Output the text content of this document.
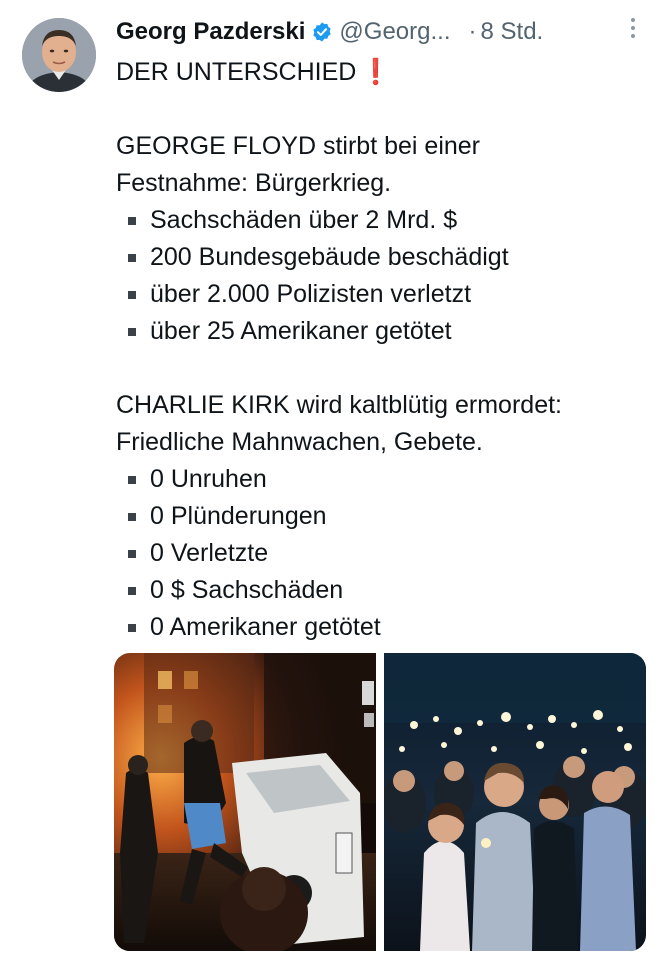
Georg Pazderski @Georg... · 8 Std.
DER UNTERSCHIED ❗
GEORGE FLOYD stirbt bei einer
Festnahme: Bürgerkrieg.
Sachschäden über 2 Mrd. $
200 Bundesgebäude beschädigt
über 2.000 Polizisten verletzt
über 25 Amerikaner getötet
CHARLIE KIRK wird kaltblütig ermordet:
Friedliche Mahnwachen, Gebete.
0 Unruhen
0 Plünderungen
0 Verletzte
0 $ Sachschäden
0 Amerikaner getötet
